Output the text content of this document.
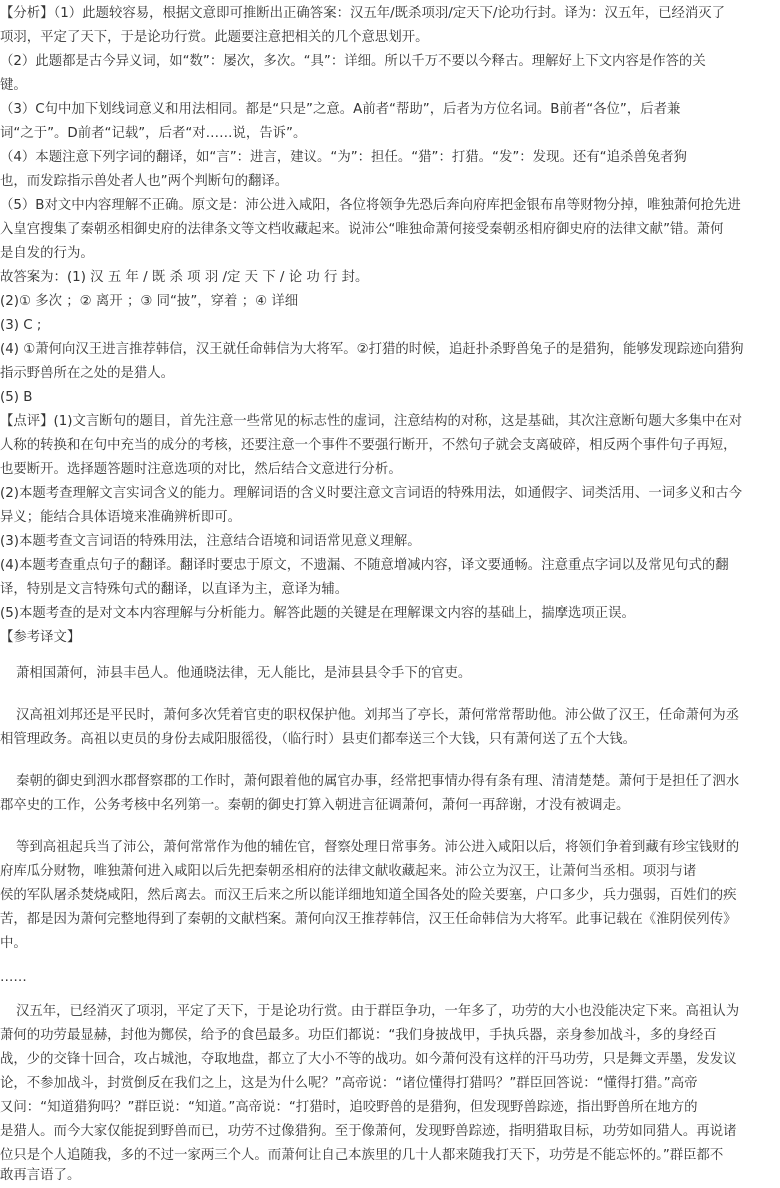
【分析】（1）此题较容易，根据文意即可推断出正确答案：汉五年/既杀项羽/定天下/论功行封。译为：汉五年，已经消灭了
项羽，平定了天下，于是论功行赏。此题要注意把相关的几个意思划开。
（2）此题都是古今异义词，如“数”：屡次，多次。“具”：详细。所以千万不要以今释古。理解好上下文内容是作答的关
键。
（3）C句中加下划线词意义和用法相同。都是“只是”之意。A前者“帮助”，后者为方位名词。B前者“各位”，后者兼
词“之于”。D前者“记载”，后者“对……说，告诉”。
（4）本题注意下列字词的翻译，如“言”：进言，建议。“为”：担任。“猎”：打猎。“发”：发现。还有“追杀兽兔者狗
也，而发踪指示兽处者人也”两个判断句的翻译。
（5）B对文中内容理解不正确。原文是：沛公进入咸阳，各位将领争先恐后奔向府库把金银布帛等财物分掉，唯独萧何抢先进
入皇宫搜集了秦朝丞相御史府的法律条文等文档收藏起来。说沛公“唯独命萧何接受秦朝丞相府御史府的法律文献”错。萧何
是自发的行为。
故答案为：(1) 汉 五 年 / 既 杀 项 羽 /定 天 下 / 论 功 行 封。
(2)① 多次 ；② 离开 ；③ 同“披”，穿着 ；④ 详细
(3) C ;
(4) ①萧何向汉王进言推荐韩信，汉王就任命韩信为大将军。②打猎的时候，追赶扑杀野兽兔子的是猎狗，能够发现踪迹向猎狗
指示野兽所在之处的是猎人。
(5) B
【点评】(1)文言断句的题目，首先注意一些常见的标志性的虚词，注意结构的对称，这是基础，其次注意断句题大多集中在对
人称的转换和在句中充当的成分的考核，还要注意一个事件不要强行断开，不然句子就会支离破碎，相反两个事件句子再短，
也要断开。选择题答题时注意选项的对比，然后结合文意进行分析。
(2)本题考查理解文言实词含义的能力。理解词语的含义时要注意文言词语的特殊用法，如通假字、词类活用、一词多义和古今
异义；能结合具体语境来准确辨析即可。
(3)本题考查文言词语的特殊用法，注意结合语境和词语常见意义理解。
(4)本题考查重点句子的翻译。翻译时要忠于原文，不遗漏、不随意增减内容，译文要通畅。注意重点字词以及常见句式的翻
译，特别是文言特殊句式的翻译，以直译为主，意译为辅。
(5)本题考查的是对文本内容理解与分析能力。解答此题的关键是在理解课文内容的基础上，揣摩选项正误。
【参考译文】
萧相国萧何，沛县丰邑人。他通晓法律，无人能比，是沛县县令手下的官吏。
汉高祖刘邦还是平民时，萧何多次凭着官吏的职权保护他。刘邦当了亭长，萧何常常帮助他。沛公做了汉王，任命萧何为丞
相管理政务。高祖以吏员的身份去咸阳服徭役，（临行时）县吏们都奉送三个大钱，只有萧何送了五个大钱。
秦朝的御史到泗水郡督察郡的工作时，萧何跟着他的属官办事，经常把事情办得有条有理、清清楚楚。萧何于是担任了泗水
郡卒史的工作，公务考核中名列第一。秦朝的御史打算入朝进言征调萧何，萧何一再辞谢，才没有被调走。
等到高祖起兵当了沛公，萧何常常作为他的辅佐官，督察处理日常事务。沛公进入咸阳以后，将领们争着到藏有珍宝钱财的
府库瓜分财物，唯独萧何进入咸阳以后先把秦朝丞相府的法律文献收藏起来。沛公立为汉王，让萧何当丞相。项羽与诸
侯的军队屠杀焚烧咸阳，然后离去。而汉王后来之所以能详细地知道全国各处的险关要塞，户口多少，兵力强弱，百姓们的疾
苦，都是因为萧何完整地得到了秦朝的文献档案。萧何向汉王推荐韩信，汉王任命韩信为大将军。此事记载在《淮阴侯列传》
中。
……
汉五年，已经消灭了项羽，平定了天下，于是论功行赏。由于群臣争功，一年多了，功劳的大小也没能决定下来。高祖认为
萧何的功劳最显赫，封他为酂侯，给予的食邑最多。功臣们都说：“我们身披战甲，手执兵器，亲身参加战斗，多的身经百
战，少的交锋十回合，攻占城池，夺取地盘，都立了大小不等的战功。如今萧何没有这样的汗马功劳，只是舞文弄墨，发发议
论，不参加战斗，封赏倒反在我们之上，这是为什么呢？”高帝说：“诸位懂得打猎吗？”群臣回答说：“懂得打猎。”高帝
又问：“知道猎狗吗？”群臣说：“知道。”高帝说：“打猎时，追咬野兽的是猎狗，但发现野兽踪迹，指出野兽所在地方的
是猎人。而今大家仅能捉到野兽而已，功劳不过像猎狗。至于像萧何，发现野兽踪迹，指明猎取目标，功劳如同猎人。再说诸
位只是个人追随我，多的不过一家两三个人。而萧何让自己本族里的几十人都来随我打天下，功劳是不能忘怀的。”群臣都不
敢再言语了。
